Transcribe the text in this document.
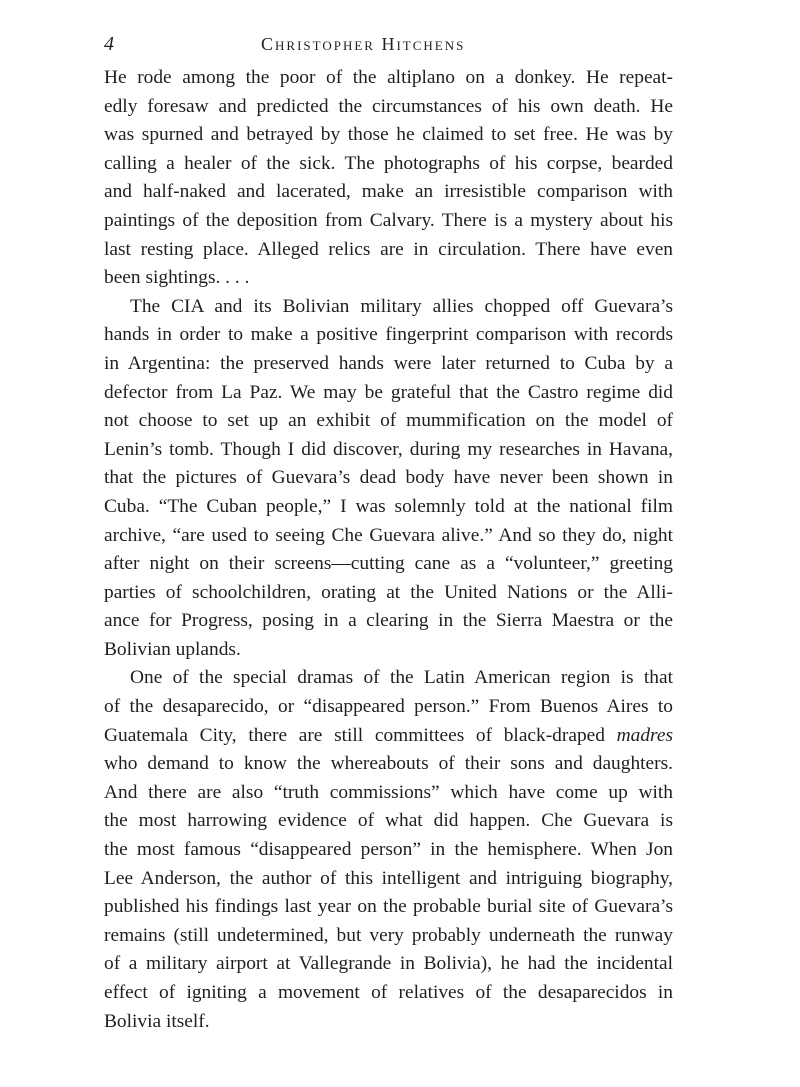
4	Christopher Hitchens
He rode among the poor of the altiplano on a donkey. He repeat-
edly foresaw and predicted the circumstances of his own death. He
was spurned and betrayed by those he claimed to set free. He was by
calling a healer of the sick. The photographs of his corpse, bearded
and half-naked and lacerated, make an irresistible comparison with
paintings of the deposition from Calvary. There is a mystery about his
last resting place. Alleged relics are in circulation. There have even
been sightings. . . .
The CIA and its Bolivian military allies chopped off Guevara’s
hands in order to make a positive fingerprint comparison with records
in Argentina: the preserved hands were later returned to Cuba by a
defector from La Paz. We may be grateful that the Castro regime did
not choose to set up an exhibit of mummification on the model of
Lenin’s tomb. Though I did discover, during my researches in Havana,
that the pictures of Guevara’s dead body have never been shown in
Cuba. “The Cuban people,” I was solemnly told at the national film
archive, “are used to seeing Che Guevara alive.” And so they do, night
after night on their screens—cutting cane as a “volunteer,” greeting
parties of schoolchildren, orating at the United Nations or the Alli-
ance for Progress, posing in a clearing in the Sierra Maestra or the
Bolivian uplands.
One of the special dramas of the Latin American region is that
of the desaparecido, or “disappeared person.” From Buenos Aires to
Guatemala City, there are still committees of black-draped madres
who demand to know the whereabouts of their sons and daughters.
And there are also “truth commissions” which have come up with
the most harrowing evidence of what did happen. Che Guevara is
the most famous “disappeared person” in the hemisphere. When Jon
Lee Anderson, the author of this intelligent and intriguing biography,
published his findings last year on the probable burial site of Guevara’s
remains (still undetermined, but very probably underneath the runway
of a military airport at Vallegrande in Bolivia), he had the incidental
effect of igniting a movement of relatives of the desaparecidos in
Bolivia itself.
